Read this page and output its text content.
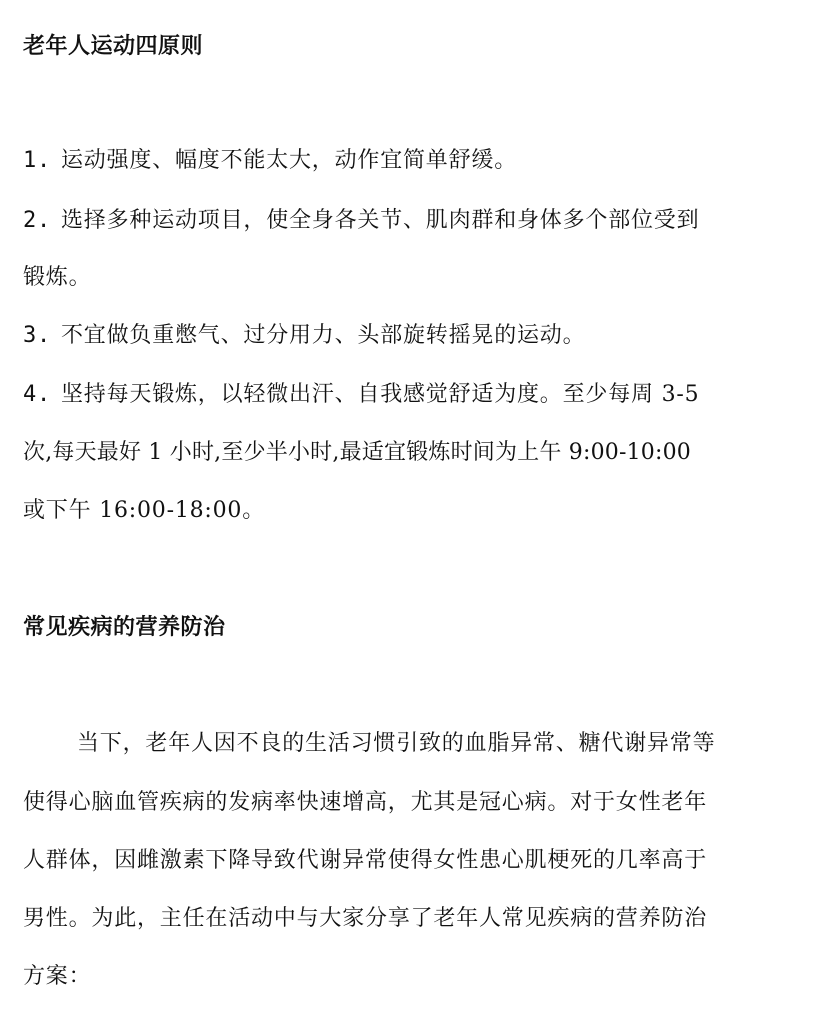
老年人运动四原则
1. 运动强度、幅度不能太大，动作宜简单舒缓。
2. 选择多种运动项目，使全身各关节、肌肉群和身体多个部位受到
锻炼。
3. 不宜做负重憋气、过分用力、头部旋转摇晃的运动。
4. 坚持每天锻炼，以轻微出汗、自我感觉舒适为度。至少每周 3-5
次,每天最好 1 小时,至少半小时,最适宜锻炼时间为上午 9:00-10:00
或下午 16:00-18:00。
常见疾病的营养防治
当下，老年人因不良的生活习惯引致的血脂异常、糖代谢异常等
使得心脑血管疾病的发病率快速增高，尤其是冠心病。对于女性老年
人群体，因雌激素下降导致代谢异常使得女性患心肌梗死的几率高于
男性。为此，主任在活动中与大家分享了老年人常见疾病的营养防治
方案：
